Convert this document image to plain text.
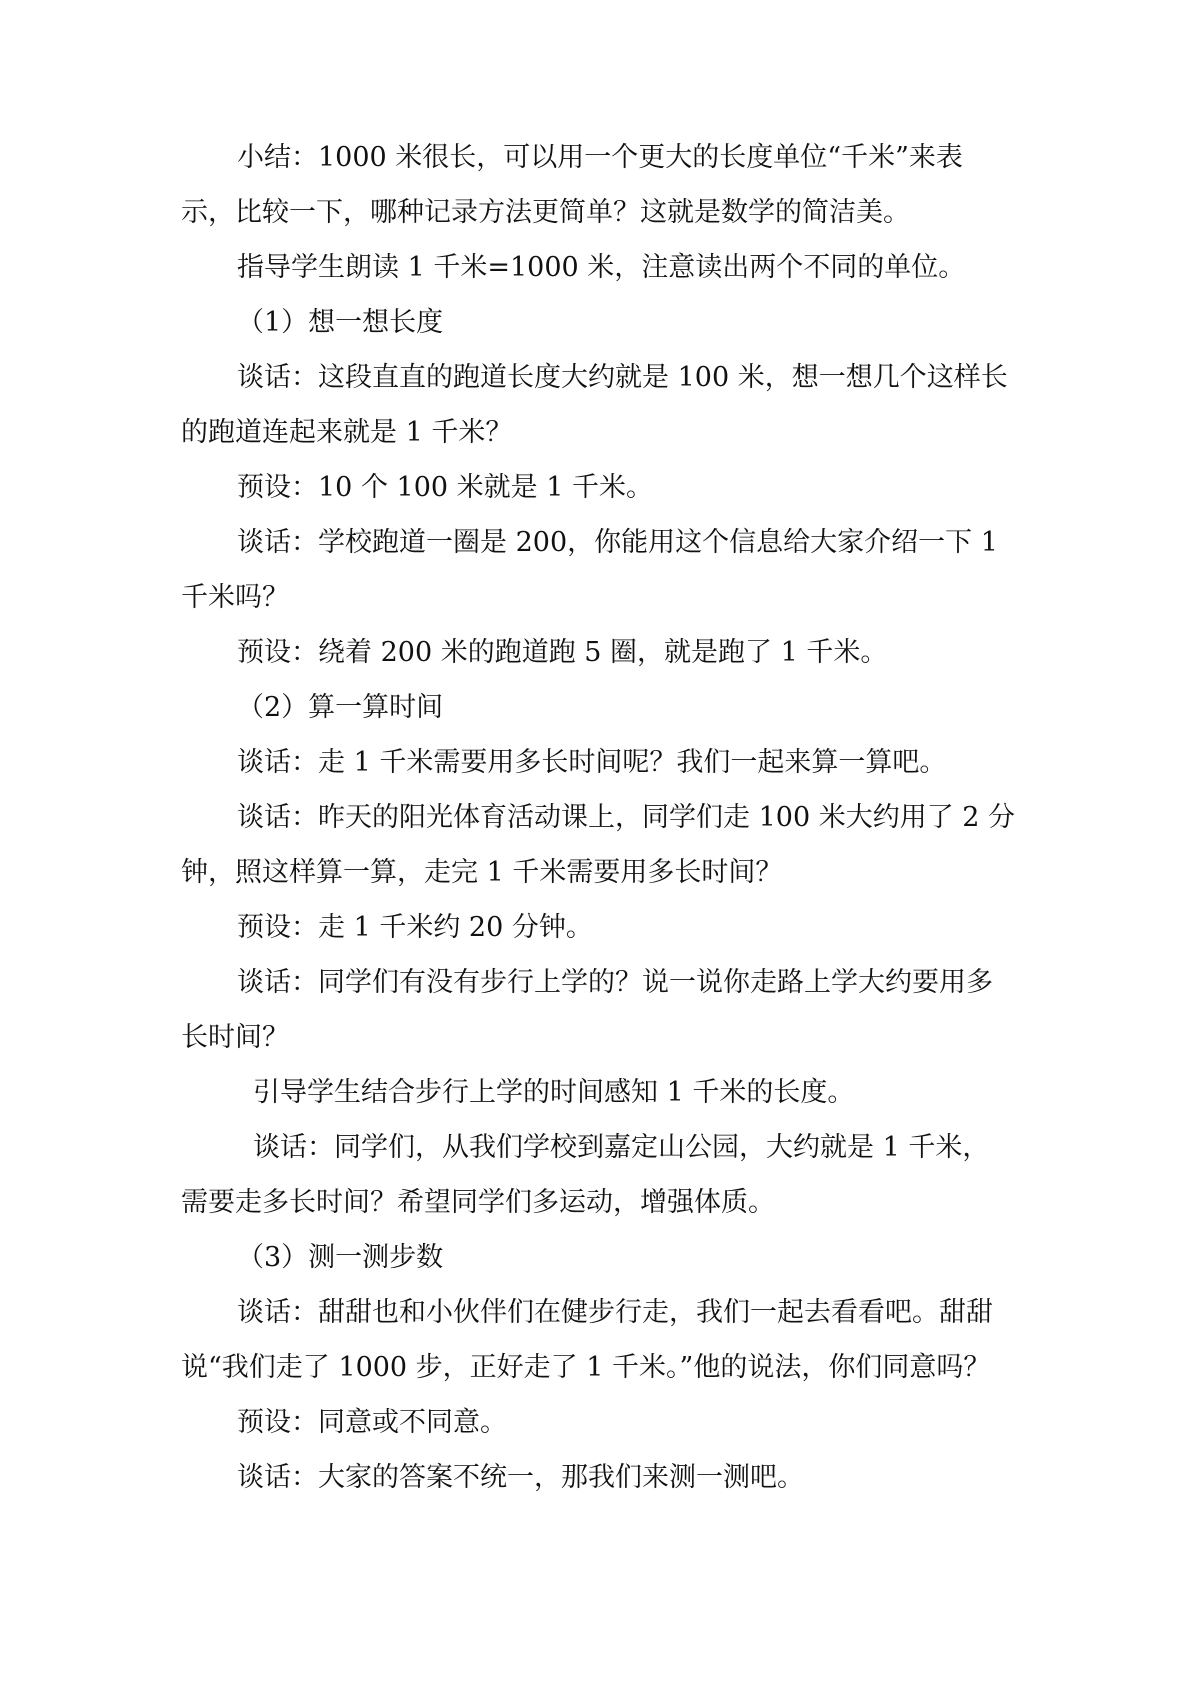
小结：1000 米很长，可以用一个更大的长度单位“千米”来表示，比较一下，哪种记录方法更简单？这就是数学的简洁美。

指导学生朗读 1 千米=1000 米，注意读出两个不同的单位。

（1）想一想长度

谈话：这段直直的跑道长度大约就是 100 米，想一想几个这样长的跑道连起来就是 1 千米？

预设：10 个 100 米就是 1 千米。

谈话：学校跑道一圈是 200，你能用这个信息给大家介绍一下 1 千米吗？

预设：绕着 200 米的跑道跑 5 圈，就是跑了 1 千米。

（2）算一算时间

谈话：走 1 千米需要用多长时间呢？我们一起来算一算吧。

谈话：昨天的阳光体育活动课上，同学们走 100 米大约用了 2 分钟，照这样算一算，走完 1 千米需要用多长时间？

预设：走 1 千米约 20 分钟。

谈话：同学们有没有步行上学的？说一说你走路上学大约要用多长时间？

引导学生结合步行上学的时间感知 1 千米的长度。

谈话：同学们，从我们学校到嘉定山公园，大约就是 1 千米，需要走多长时间？希望同学们多运动，增强体质。

（3）测一测步数

谈话：甜甜也和小伙伴们在健步行走，我们一起去看看吧。甜甜说“我们走了 1000 步，正好走了 1 千米。”他的说法，你们同意吗？

预设：同意或不同意。

谈话：大家的答案不统一，那我们来测一测吧。
